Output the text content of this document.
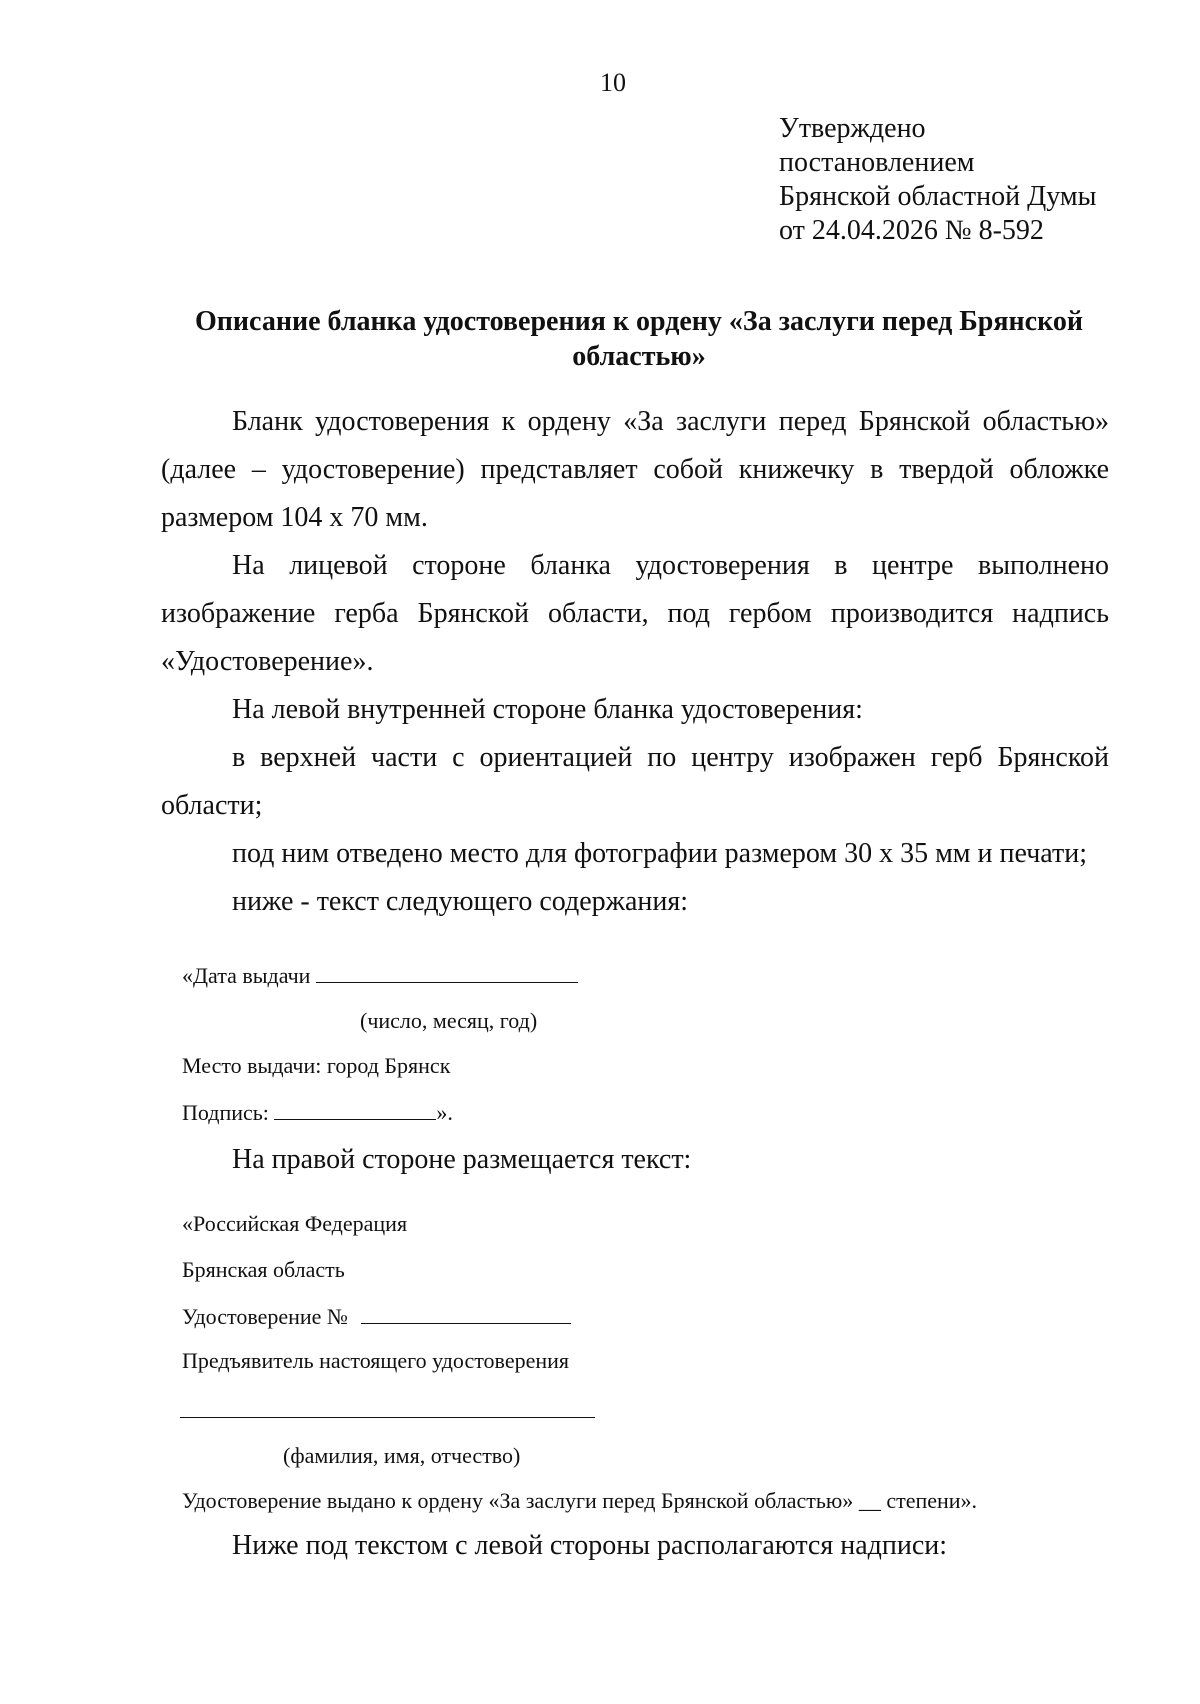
10
Утверждено
постановлением
Брянской областной Думы
от 24.04.2026 № 8-592
Описание бланка удостоверения к ордену «За заслуги перед Брянской областью»
Бланк удостоверения к ордену «За заслуги перед Брянской областью» (далее – удостоверение) представляет собой книжечку в твердой обложке размером 104 х 70 мм.
На лицевой стороне бланка удостоверения в центре выполнено изображение герба Брянской области, под гербом производится надпись «Удостоверение».
На левой внутренней стороне бланка удостоверения:
в верхней части с ориентацией по центру изображен герб Брянской области;
под ним отведено место для фотографии размером 30 х 35 мм и печати;
ниже - текст следующего содержания:
«Дата выдачи
(число, месяц, год)
Место выдачи: город Брянск
Подпись:	».
На правой стороне размещается текст:
«Российская Федерация
Брянская область
Удостоверение №
Предъявитель настоящего удостоверения
(фамилия, имя, отчество)
Удостоверение выдано к ордену «За заслуги перед Брянской областью» __ степени».
Ниже под текстом с левой стороны располагаются надписи:
